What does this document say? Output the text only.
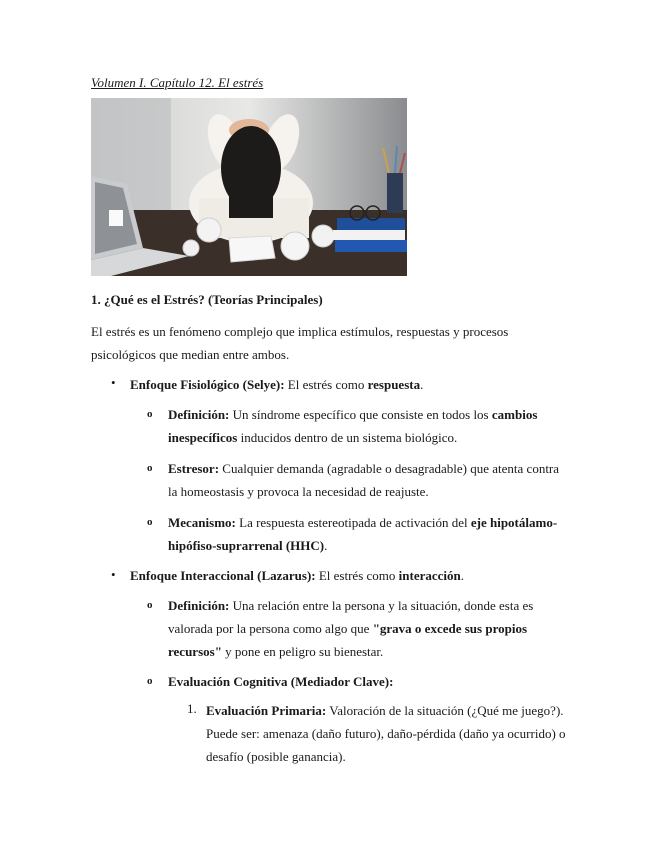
Volumen I. Capítulo 12. El estrés
1. ¿Qué es el Estrés? (Teorías Principales)
El estrés es un fenómeno complejo que implica estímulos, respuestas y procesos psicológicos que median entre ambos.
• Enfoque Fisiológico (Selye): El estrés como respuesta.
o Definición: Un síndrome específico que consiste en todos los cambios inespecíficos inducidos dentro de un sistema biológico.
o Estresor: Cualquier demanda (agradable o desagradable) que atenta contra la homeostasis y provoca la necesidad de reajuste.
o Mecanismo: La respuesta estereotipada de activación del eje hipotálamo-hipófiso-suprarrenal (HHC).
• Enfoque Interaccional (Lazarus): El estrés como interacción.
o Definición: Una relación entre la persona y la situación, donde esta es valorada por la persona como algo que "grava o excede sus propios recursos" y pone en peligro su bienestar.
o Evaluación Cognitiva (Mediador Clave):
1. Evaluación Primaria: Valoración de la situación (¿Qué me juego?). Puede ser: amenaza (daño futuro), daño-pérdida (daño ya ocurrido) o desafío (posible ganancia).
